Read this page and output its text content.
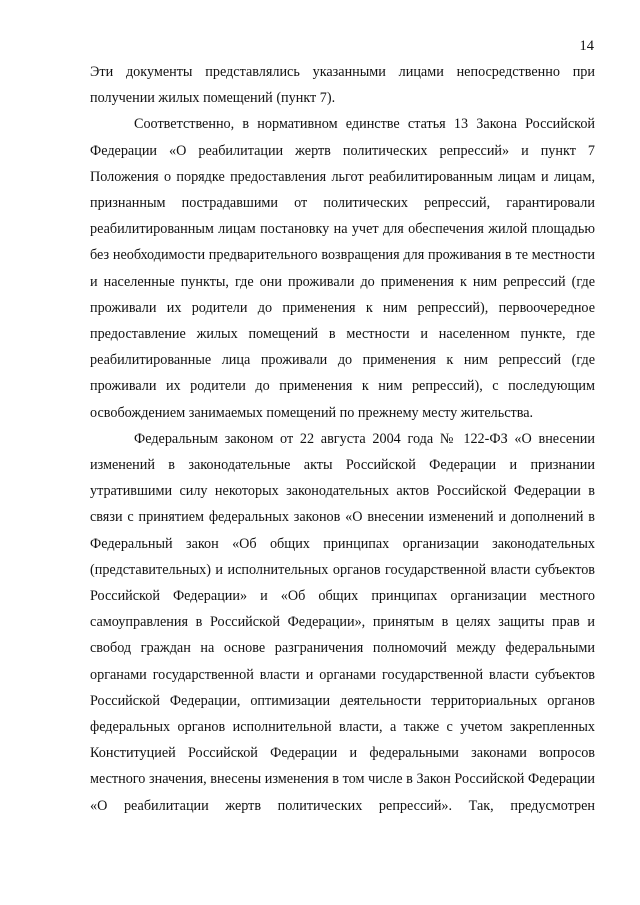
14

Эти документы представлялись указанными лицами непосредственно при получении жилых помещений (пункт 7).

Соответственно, в нормативном единстве статья 13 Закона Российской Федерации «О реабилитации жертв политических репрессий» и пункт 7 Положения о порядке предоставления льгот реабилитированным лицам и лицам, признанным пострадавшими от политических репрессий, гарантировали реабилитированным лицам постановку на учет для обеспечения жилой площадью без необходимости предварительного возвращения для проживания в те местности и населенные пункты, где они проживали до применения к ним репрессий (где проживали их родители до применения к ним репрессий), первоочередное предоставление жилых помещений в местности и населенном пункте, где реабилитированные лица проживали до применения к ним репрессий (где проживали их родители до применения к ним репрессий), с последующим освобождением занимаемых помещений по прежнему месту жительства.

Федеральным законом от 22 августа 2004 года № 122-ФЗ «О внесении изменений в законодательные акты Российской Федерации и признании утратившими силу некоторых законодательных актов Российской Федерации в связи с принятием федеральных законов «О внесении изменений и дополнений в Федеральный закон «Об общих принципах организации законодательных (представительных) и исполнительных органов государственной власти субъектов Российской Федерации» и «Об общих принципах организации местного самоуправления в Российской Федерации», принятым в целях защиты прав и свобод граждан на основе разграничения полномочий между федеральными органами государственной власти и органами государственной власти субъектов Российской Федерации, оптимизации деятельности территориальных органов федеральных органов исполнительной власти, а также с учетом закрепленных Конституцией Российской Федерации и федеральными законами вопросов местного значения, внесены изменения в том числе в Закон Российской Федерации «О реабилитации жертв политических репрессий». Так, предусмотрен
